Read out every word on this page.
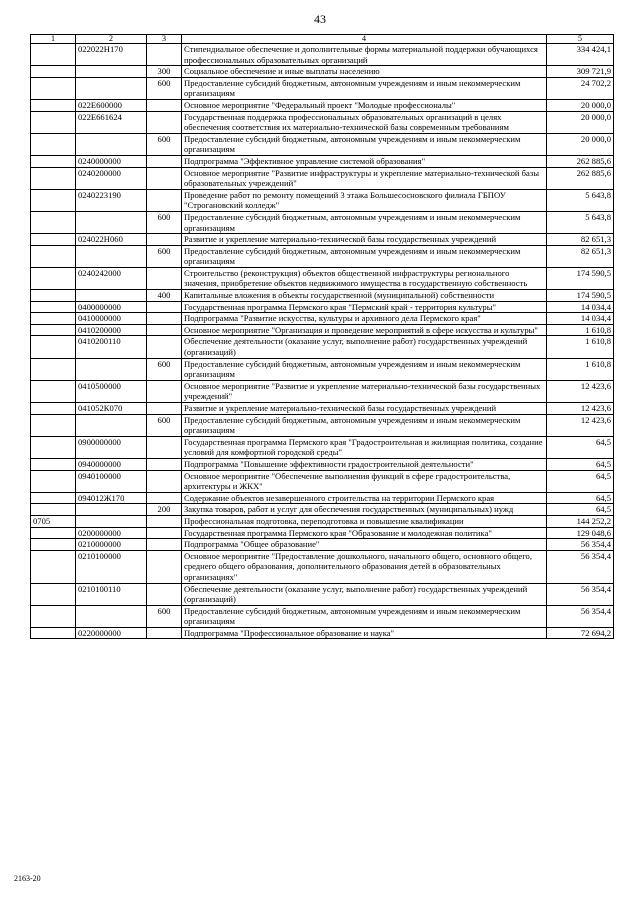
43
1	2	3	4	5
	022022Н170		Стипендиальное обеспечение и дополнительные формы материальной поддержки обучающихся профессиональных образовательных организаций	334 424,1
		300	Социальное обеспечение и иные выплаты населению	309 721,9
		600	Предоставление субсидий бюджетным, автономным учреждениям и иным некоммерческим организациям	24 702,2
	022Е600000		Основное мероприятие "Федеральный проект "Молодые профессионалы"	20 000,0
	022Е661624		Государственная поддержка профессиональных образовательных организаций в целях обеспечения соответствия их материально-технической базы современным требованиям	20 000,0
		600	Предоставление субсидий бюджетным, автономным учреждениям и иным некоммерческим организациям	20 000,0
	0240000000		Подпрограмма "Эффективное управление системой образования"	262 885,6
	0240200000		Основное мероприятие "Развитие инфраструктуры и укрепление материально-технической базы образовательных учреждений"	262 885,6
	0240223190		Проведение работ по ремонту помещений 3 этажа Большесосновского филиала ГБПОУ "Строгановский колледж"	5 643,8
		600	Предоставление субсидий бюджетным, автономным учреждениям и иным некоммерческим организациям	5 643,8
	024022Н060		Развитие и укрепление материально-технической базы государственных учреждений	82 651,3
		600	Предоставление субсидий бюджетным, автономным учреждениям и иным некоммерческим организациям	82 651,3
	0240242000		Строительство (реконструкция) объектов общественной инфраструктуры регионального значения, приобретение объектов недвижимого имущества в государственную собственность	174 590,5
		400	Капитальные вложения в объекты государственной (муниципальной) собственности	174 590,5
	0400000000		Государственная программа Пермского края "Пермский край - территория культуры"	14 034,4
	0410000000		Подпрограмма "Развитие искусства, культуры и архивного дела Пермского края"	14 034,4
	0410200000		Основное мероприятие "Организация и проведение мероприятий в сфере искусства и культуры"	1 610,8
	0410200110		Обеспечение деятельности (оказание услуг, выполнение работ) государственных учреждений (организаций)	1 610,8
		600	Предоставление субсидий бюджетным, автономным учреждениям и иным некоммерческим организациям	1 610,8
	0410500000		Основное мероприятие "Развитие и укрепление материально-технической базы государственных учреждений"	12 423,6
	041052К070		Развитие и укрепление материально-технической базы государственных учреждений	12 423,6
		600	Предоставление субсидий бюджетным, автономным учреждениям и иным некоммерческим организациям	12 423,6
	0900000000		Государственная программа Пермского края "Градостроительная и жилищная политика, создание условий для комфортной городской среды"	64,5
	0940000000		Подпрограмма "Повышение эффективности градостроительной деятельности"	64,5
	0940100000		Основное мероприятие "Обеспечение выполнения функций в сфере градостроительства, архитектуры и ЖКХ"	64,5
	094012Ж170		Содержание объектов незавершенного строительства на территории Пермского края	64,5
		200	Закупка товаров, работ и услуг для обеспечения государственных (муниципальных) нужд	64,5
0705			Профессиональная подготовка, переподготовка и повышение квалификации	144 252,2
	0200000000		Государственная программа Пермского края "Образование и молодежная политика"	129 048,6
	0210000000		Подпрограмма "Общее образование"	56 354,4
	0210100000		Основное мероприятие "Предоставление дошкольного, начального общего, основного общего, среднего общего образования, дополнительного образования детей в образовательных организациях"	56 354,4
	0210100110		Обеспечение деятельности (оказание услуг, выполнение работ) государственных учреждений (организаций)	56 354,4
		600	Предоставление субсидий бюджетным, автономным учреждениям и иным некоммерческим организациям	56 354,4
	0220000000		Подпрограмма "Профессиональное образование и наука"	72 694,2
2163-20
